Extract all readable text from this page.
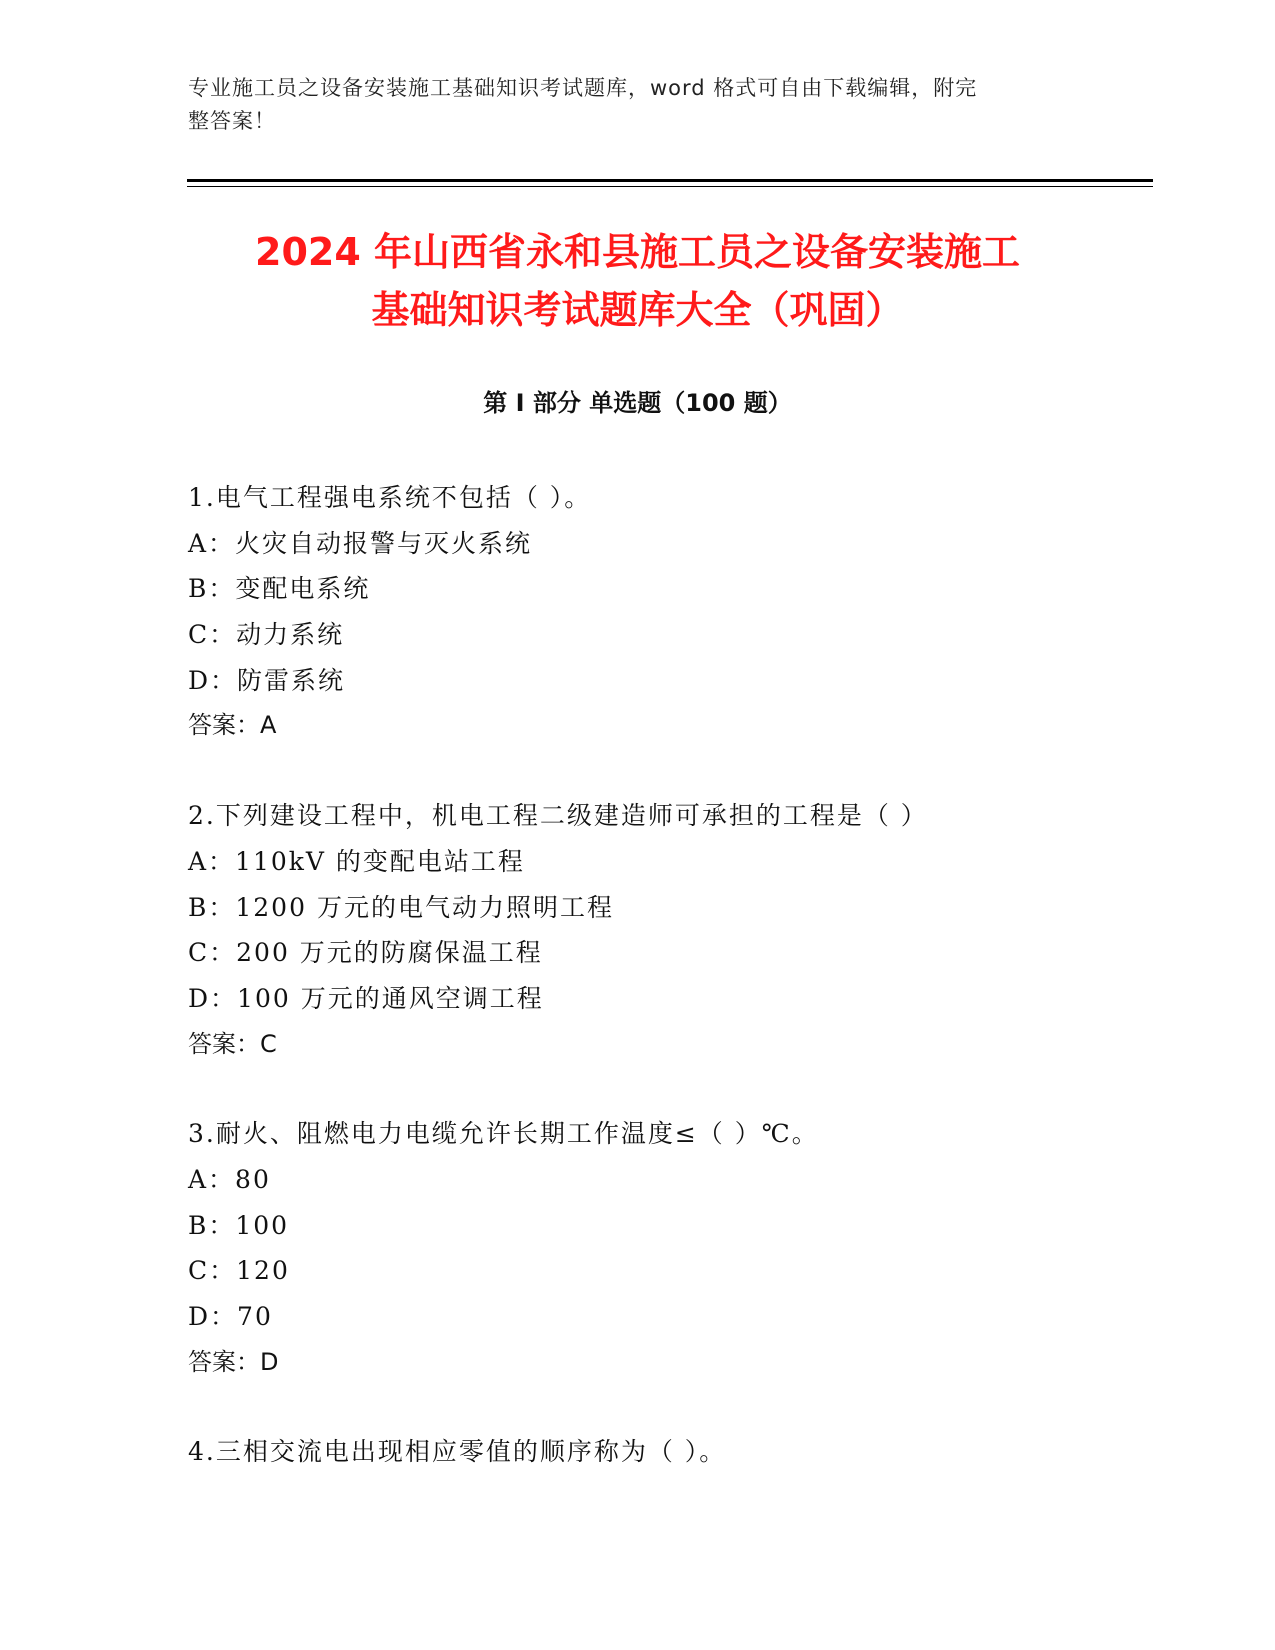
专业施工员之设备安装施工基础知识考试题库，word 格式可自由下载编辑，附完
整答案！
2024 年山西省永和县施工员之设备安装施工
基础知识考试题库大全（巩固）
第 I 部分 单选题（100 题）
1.电气工程强电系统不包括（ ）。
A：火灾自动报警与灭火系统
B：变配电系统
C：动力系统
D：防雷系统
答案：A
2.下列建设工程中，机电工程二级建造师可承担的工程是（ ）
A：110kV 的变配电站工程
B：1200 万元的电气动力照明工程
C：200 万元的防腐保温工程
D：100 万元的通风空调工程
答案：C
3.耐火、阻燃电力电缆允许长期工作温度≤（ ）℃。
A：80
B：100
C：120
D：70
答案：D
4.三相交流电出现相应零值的顺序称为（ ）。
